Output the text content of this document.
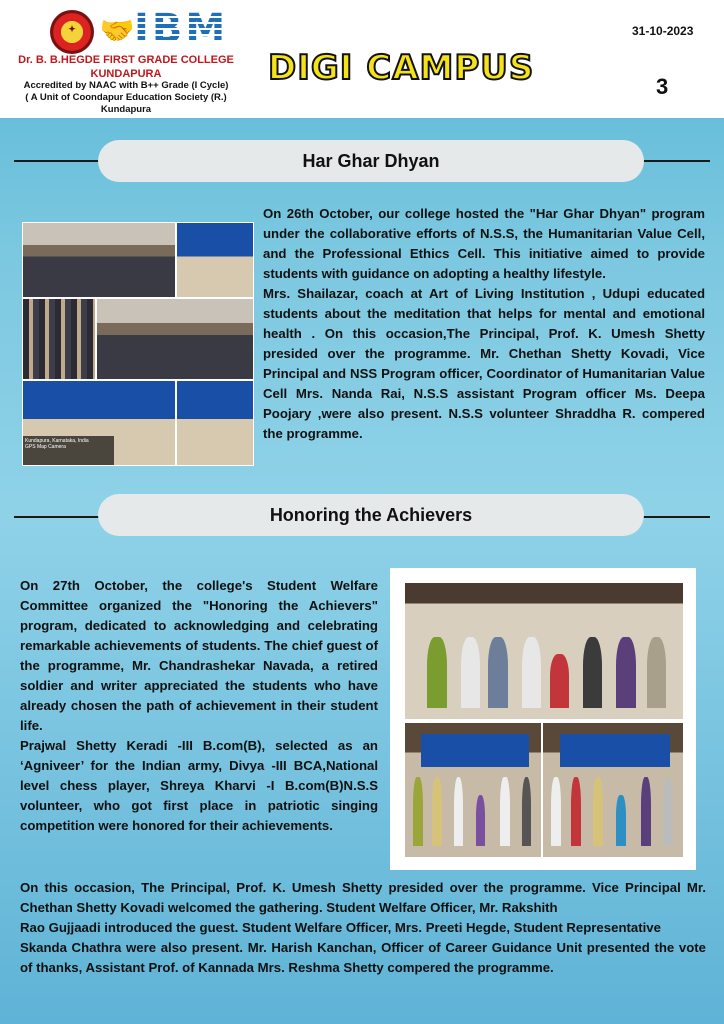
✦ 🤝 IBM
Dr. B. B.HEGDE FIRST GRADE COLLEGE
KUNDAPURA
Accredited by NAAC with B++ Grade (I Cycle)
( A Unit of Coondapur Education Society (R.)
Kundapura
DIGI CAMPUS
31-10-2023
3
Har Ghar Dhyan
Kundapura, Karnataka, India
GPS Map Camera

On 26th October, our college hosted the "Har Ghar Dhyan" program under the collaborative efforts of N.S.S, the Humanitarian Value Cell, and the Professional Ethics Cell. This initiative aimed to provide students with guidance on adopting a healthy lifestyle.

Mrs. Shailazar, coach at Art of Living Institution , Udupi educated students about the meditation that helps for mental and emotional health . On this occasion,The Principal, Prof. K. Umesh Shetty presided over the programme. Mr. Chethan Shetty Kovadi, Vice Principal and NSS Program officer, Coordinator of Humanitarian Value Cell Mrs. Nanda Rai, N.S.S assistant Program officer Ms. Deepa Poojary ,were also present. N.S.S volunteer Shraddha R. compered the programme.

Honoring the Achievers

On 27th October, the college's Student Welfare Committee organized the "Honoring the Achievers" program, dedicated to acknowledging and celebrating remarkable achievements of students. The chief guest of the programme, Mr. Chandrashekar Navada, a retired soldier and writer appreciated the students who have already chosen the path of achievement in their student life.

Prajwal Shetty Keradi -III B.com(B), selected as an ‘Agniveer’ for the Indian army, Divya -III BCA,National level chess player, Shreya Kharvi -I B.com(B)N.S.S volunteer, who got first place in patriotic singing competition were honored for their achievements.

On this occasion, The Principal, Prof. K. Umesh Shetty presided over the programme. Vice Principal Mr. Chethan Shetty Kovadi welcomed the gathering. Student Welfare Officer, Mr. Rakshith

Rao Gujjaadi introduced the guest. Student Welfare Officer, Mrs. Preeti Hegde, Student Representative

Skanda Chathra were also present. Mr. Harish Kanchan, Officer of Career Guidance Unit presented the vote of thanks, Assistant Prof. of Kannada Mrs. Reshma Shetty compered the programme.
